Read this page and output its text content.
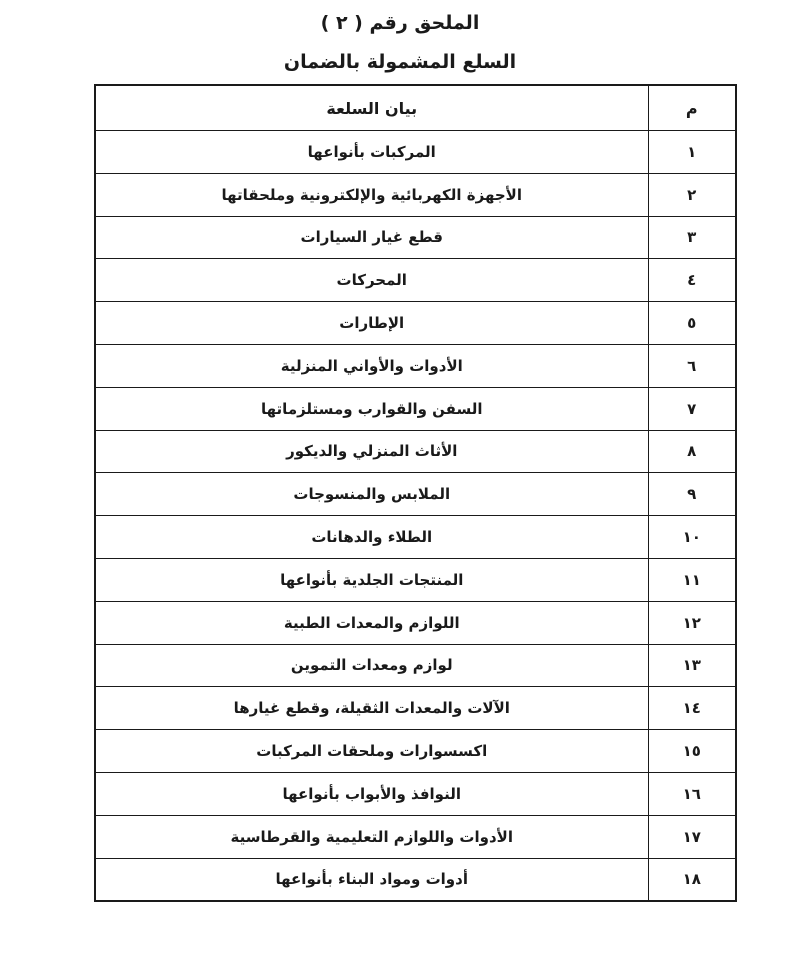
الملحق رقم ( ٢ )
السلع المشمولة بالضمان
م	بيان السلعة
١	المركبات بأنواعها
٢	الأجهزة الكهربائية والإلكترونية وملحقاتها
٣	قطع غيار السيارات
٤	المحركات
٥	الإطارات
٦	الأدوات والأواني المنزلية
٧	السفن والقوارب ومستلزماتها
٨	الأثاث المنزلي والديكور
٩	الملابس والمنسوجات
١٠	الطلاء والدهانات
١١	المنتجات الجلدية بأنواعها
١٢	اللوازم والمعدات الطبية
١٣	لوازم ومعدات التموين
١٤	الآلات والمعدات الثقيلة، وقطع غيارها
١٥	اكسسوارات وملحقات المركبات
١٦	النوافذ والأبواب بأنواعها
١٧	الأدوات واللوازم التعليمية والقرطاسية
١٨	أدوات ومواد البناء بأنواعها
